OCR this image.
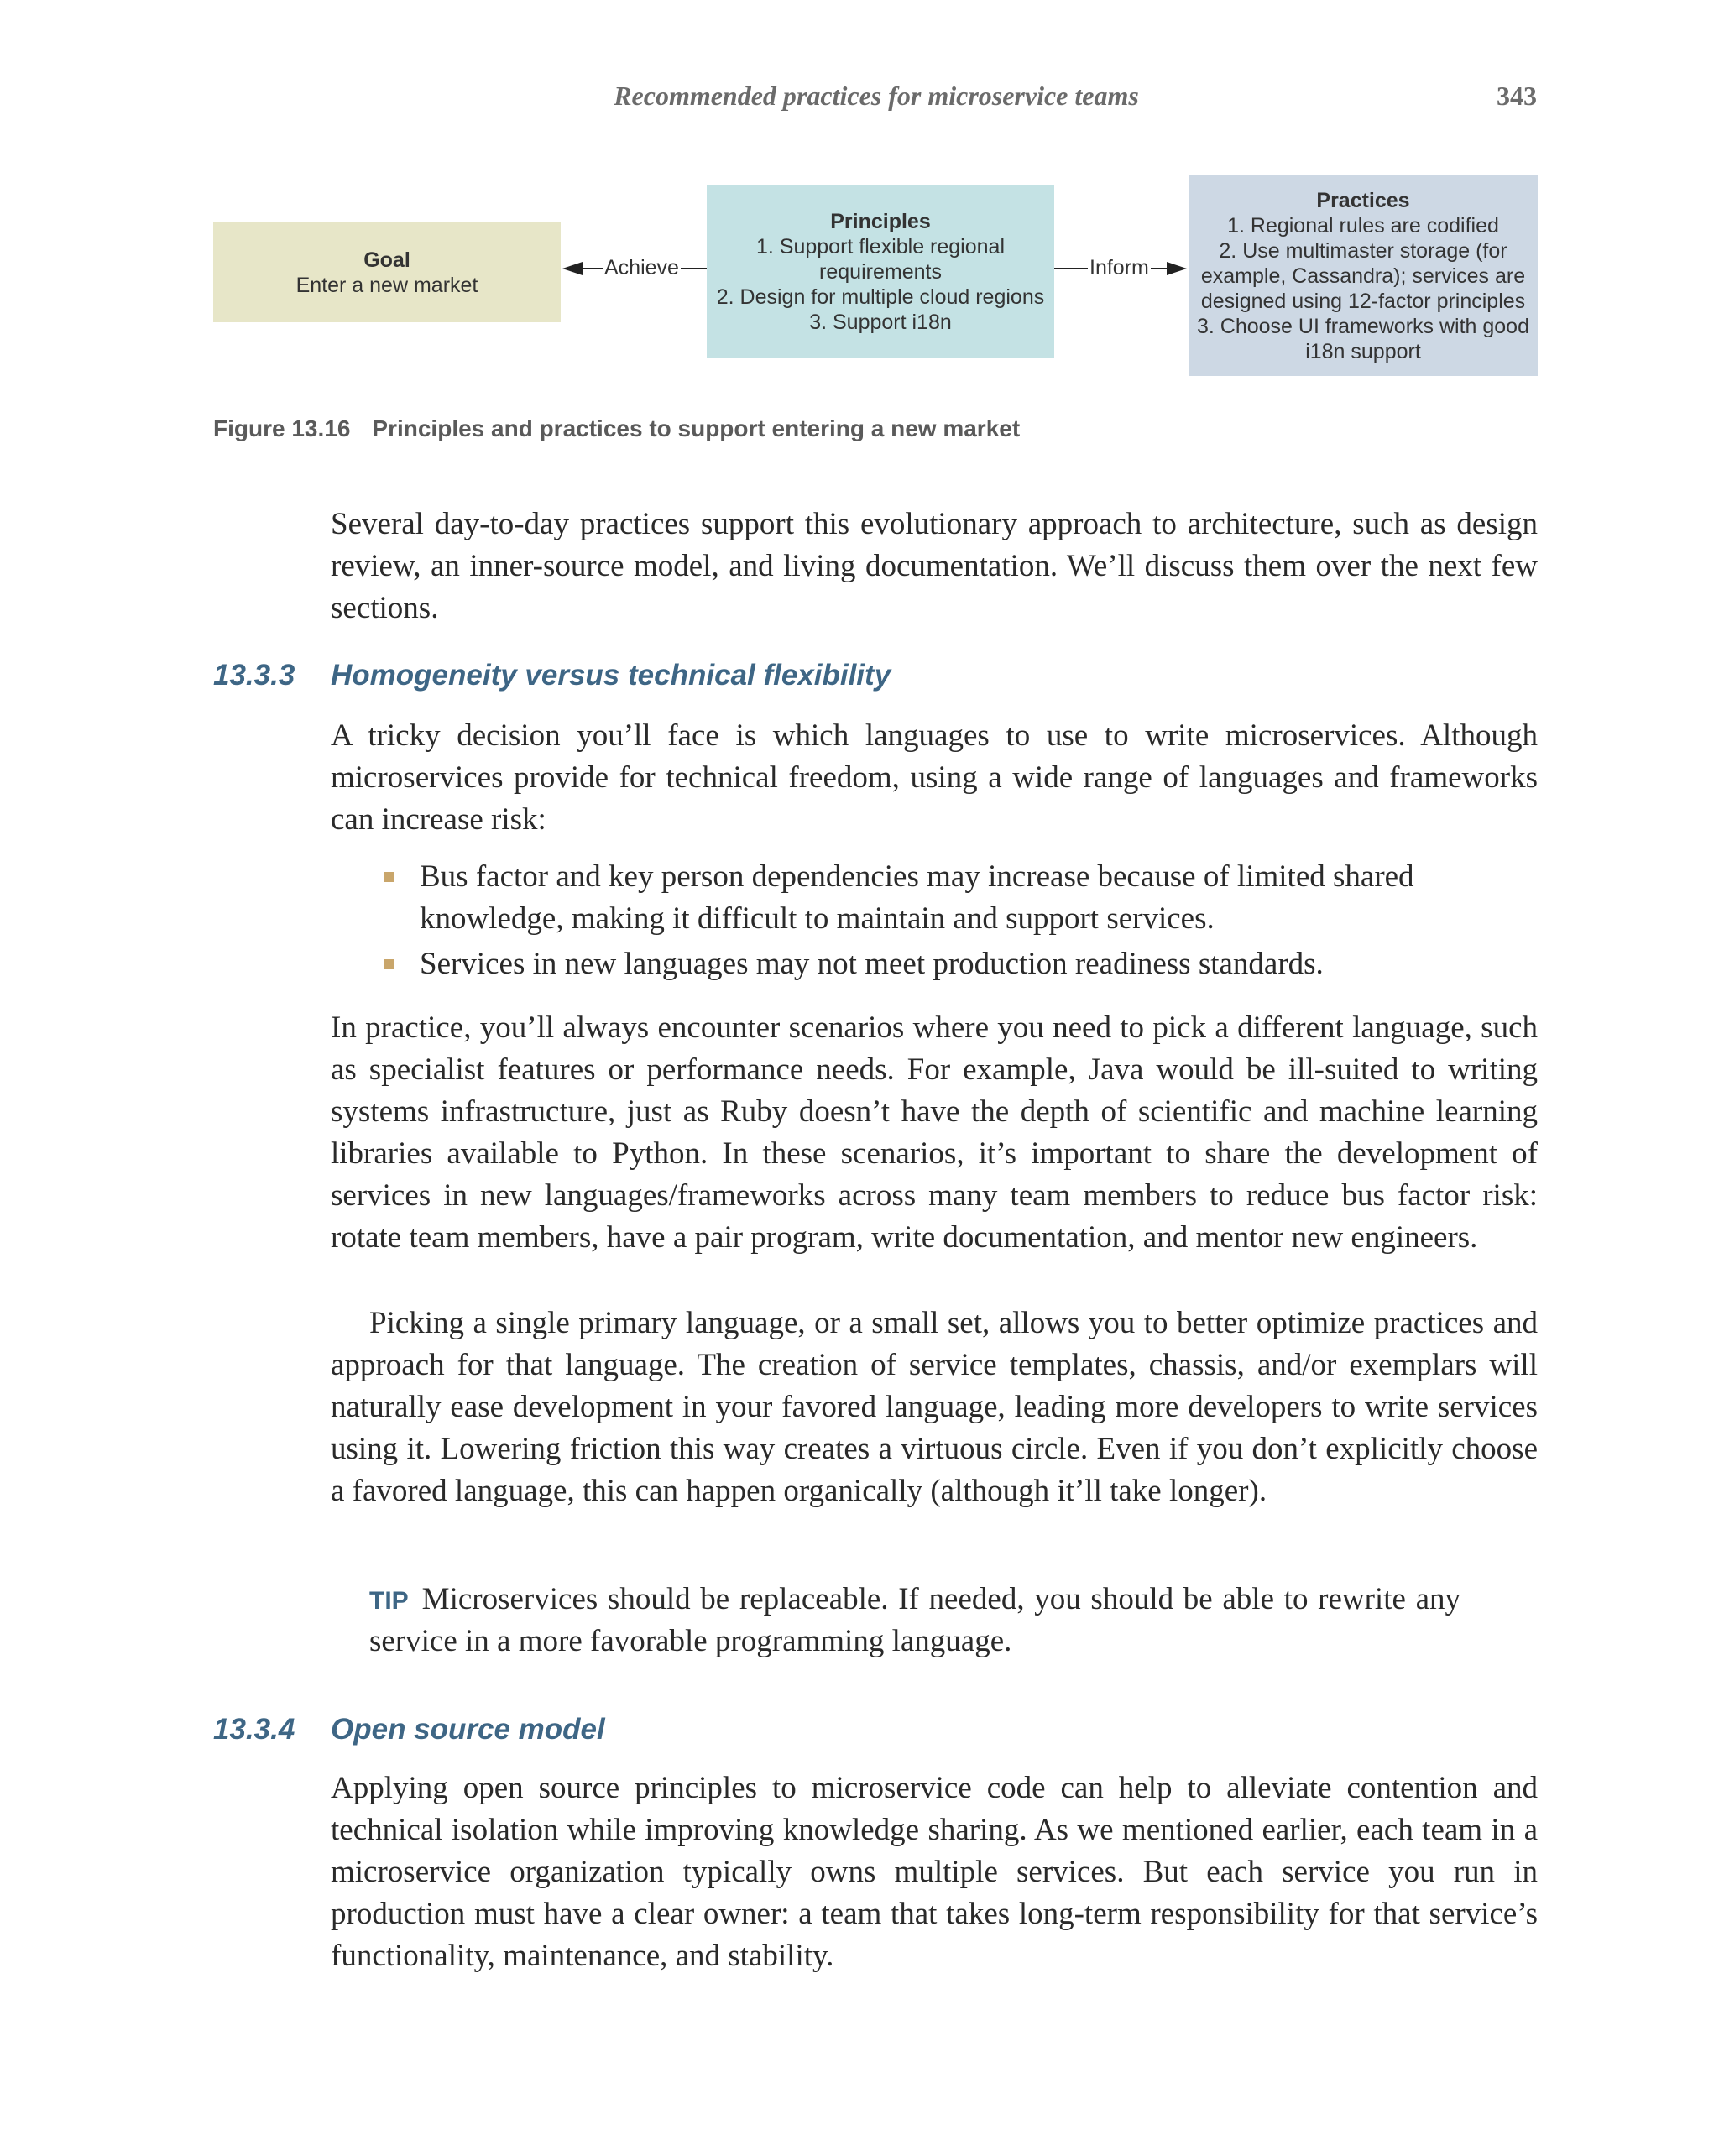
Recommended practices for microservice teams	343
Achieve	Inform
Goal
Enter a new market
Principles
1. Support flexible regional
requirements
2. Design for multiple cloud regions
3. Support i18n
Practices
1. Regional rules are codified
2. Use multimaster storage (for
example, Cassandra); services are
designed using 12-factor principles
3. Choose UI frameworks with good
i18n support
Figure 13.16 Principles and practices to support entering a new market
Several day-to-day practices support this evolutionary approach to architecture, such as design review, an inner-source model, and living documentation. We’ll discuss them over the next few sections.
13.3.3 Homogeneity versus technical flexibility
A tricky decision you’ll face is which languages to use to write microservices. Although microservices provide for technical freedom, using a wide range of languages and frameworks can increase risk:
Bus factor and key person dependencies may increase because of limited shared knowledge, making it difficult to maintain and support services.
Services in new languages may not meet production readiness standards.
In practice, you’ll always encounter scenarios where you need to pick a different language, such as specialist features or performance needs. For example, Java would be ill-suited to writing systems infrastructure, just as Ruby doesn’t have the depth of scientific and machine learning libraries available to Python. In these scenarios, it’s important to share the development of services in new languages/frameworks across many team members to reduce bus factor risk: rotate team members, have a pair program, write documentation, and mentor new engineers.
Picking a single primary language, or a small set, allows you to better optimize practices and approach for that language. The creation of service templates, chassis, and/or exemplars will naturally ease development in your favored language, leading more developers to write services using it. Lowering friction this way creates a virtuous circle. Even if you don’t explicitly choose a favored language, this can happen organically (although it’ll take longer).
TIP Microservices should be replaceable. If needed, you should be able to rewrite any service in a more favorable programming language.
13.3.4 Open source model
Applying open source principles to microservice code can help to alleviate contention and technical isolation while improving knowledge sharing. As we mentioned earlier, each team in a microservice organization typically owns multiple services. But each service you run in production must have a clear owner: a team that takes long-term responsibility for that service’s functionality, maintenance, and stability.
